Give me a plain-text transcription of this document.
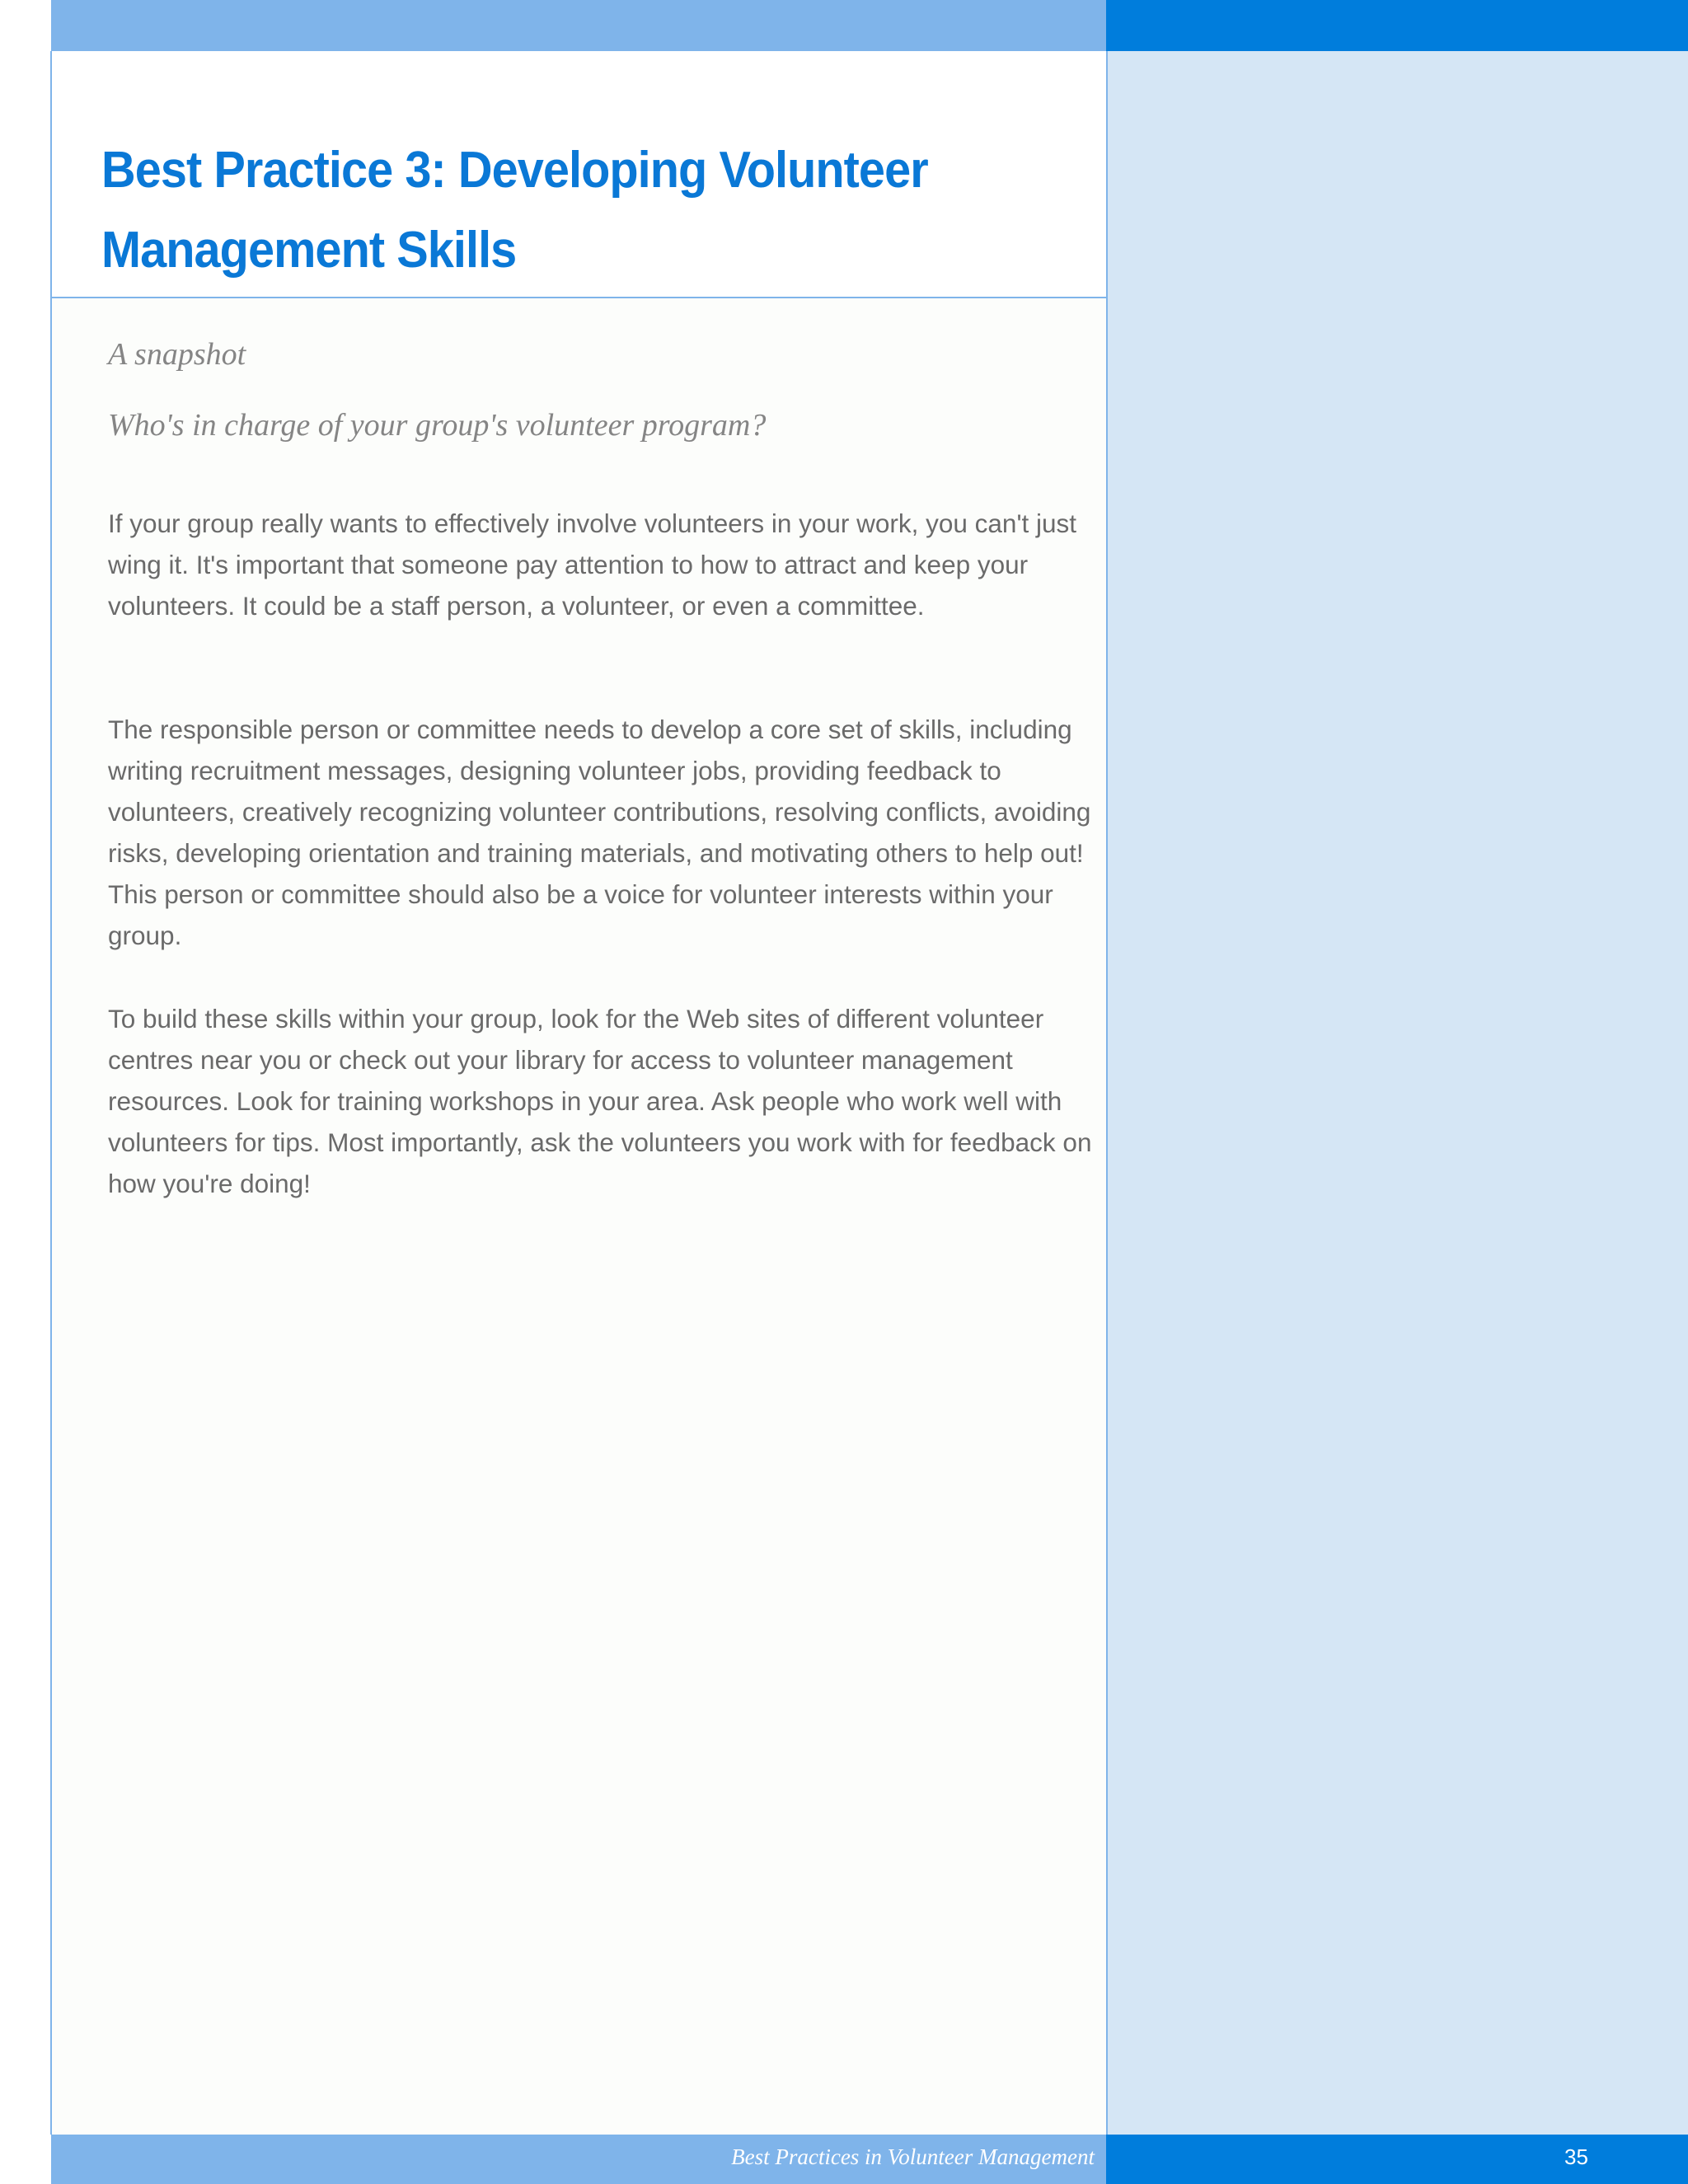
Best Practice 3: Developing Volunteer Management Skills

A snapshot

Who's in charge of your group's volunteer program?

If your group really wants to effectively involve volunteers in your work, you can't just wing it. It's important that someone pay attention to how to attract and keep your volunteers. It could be a staff person, a volunteer, or even a committee.

The responsible person or committee needs to develop a core set of skills, including writing recruitment messages, designing volunteer jobs, providing feedback to volunteers, creatively recognizing volunteer contributions, resolving conflicts, avoiding risks, developing orientation and training materials, and motivating others to help out! This person or committee should also be a voice for volunteer interests within your group.

To build these skills within your group, look for the Web sites of different volunteer centres near you or check out your library for access to volunteer management resources. Look for training workshops in your area. Ask people who work well with volunteers for tips. Most importantly, ask the volunteers you work with for feedback on how you're doing!

Best Practices in Volunteer Management	35
